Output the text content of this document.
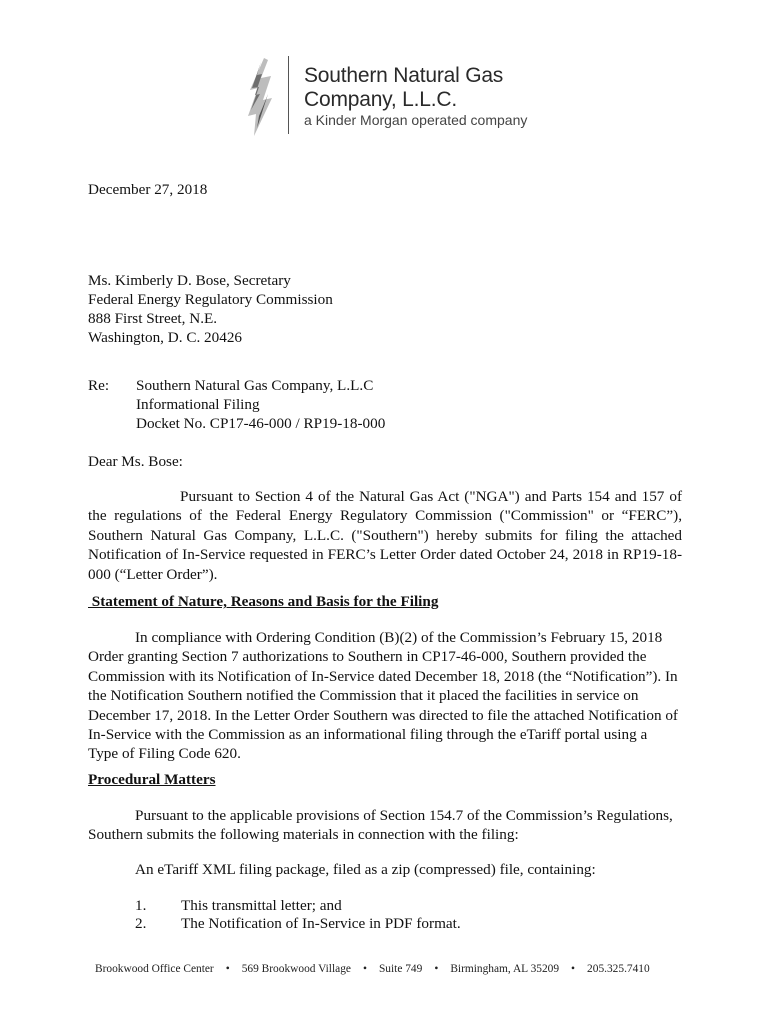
Southern Natural Gas
Company, L.L.C.
a Kinder Morgan operated company
December 27, 2018
Ms. Kimberly D. Bose, Secretary
Federal Energy Regulatory Commission
888 First Street, N.E.
Washington, D. C. 20426
Re: Southern Natural Gas Company, L.L.C
Informational Filing
Docket No. CP17-46-000 / RP19-18-000
Dear Ms. Bose:
Pursuant to Section 4 of the Natural Gas Act ("NGA") and Parts 154 and 157 of
the regulations of the Federal Energy Regulatory Commission ("Commission" or “FERC”),
Southern Natural Gas Company, L.L.C. ("Southern") hereby submits for filing the attached
Notification of In-Service requested in FERC’s Letter Order dated October 24, 2018 in RP19-18-
000 (“Letter Order”).
Statement of Nature, Reasons and Basis for the Filing
In compliance with Ordering Condition (B)(2) of the Commission’s February 15, 2018
Order granting Section 7 authorizations to Southern in CP17-46-000, Southern provided the
Commission with its Notification of In-Service dated December 18, 2018 (the “Notification”). In
the Notification Southern notified the Commission that it placed the facilities in service on
December 17, 2018. In the Letter Order Southern was directed to file the attached Notification of
In-Service with the Commission as an informational filing through the eTariff portal using a
Type of Filing Code 620.
Procedural Matters
Pursuant to the applicable provisions of Section 154.7 of the Commission’s Regulations,
Southern submits the following materials in connection with the filing:
An eTariff XML filing package, filed as a zip (compressed) file, containing:
1. This transmittal letter; and
2. The Notification of In-Service in PDF format.
Brookwood Office Center • 569 Brookwood Village • Suite 749 • Birmingham, AL 35209 • 205.325.7410
